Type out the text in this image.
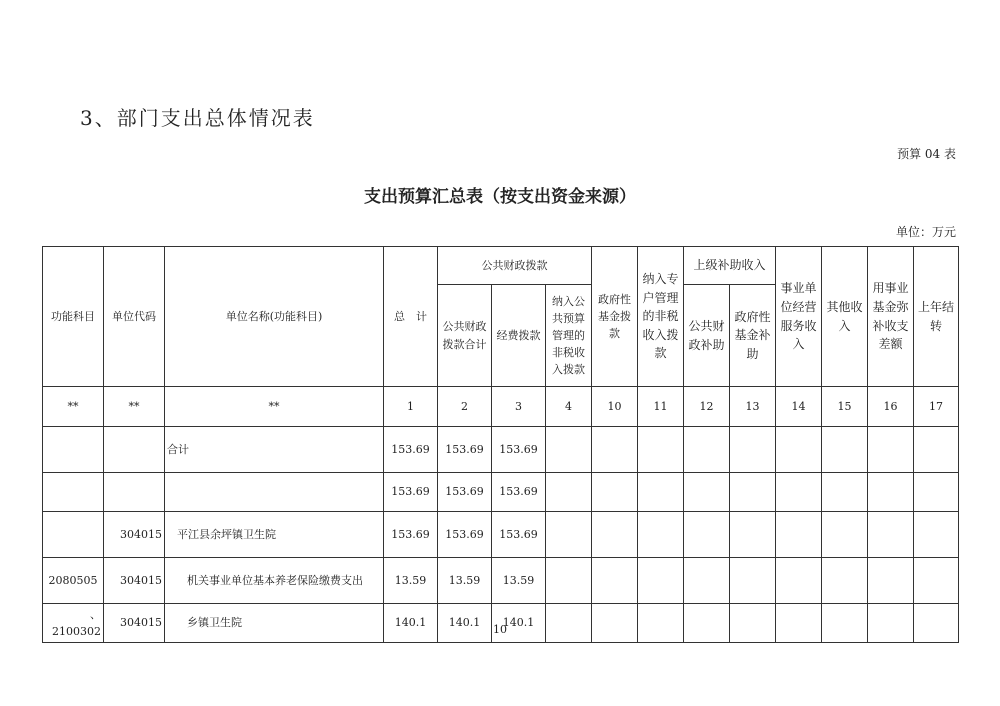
3、部门支出总体情况表
预算 04 表
支出预算汇总表（按支出资金来源）
单位：万元
功能科目	单位代码	单位名称(功能科目)	总　计	公共财政拨款			政府性基金拨款	纳入专户管理的非税收入拨款	上级补助收入		事业单位经营服务收入	其他收入	用事业基金弥补收支差额	上年结转
				公共财政拨款合计	经费拨款	纳入公共预算管理的非税收入拨款			公共财政补助	政府性基金补助				
**	**	**	1	2	3	4	10	11	12	13	14	15	16	17
		合计	153.69	153.69	153.69									
			153.69	153.69	153.69									
	304015	平江县余坪镇卫生院	153.69	153.69	153.69									
2080505	304015	机关事业单位基本养老保险缴费支出	13.59	13.59	13.59									
、2100302	304015	乡镇卫生院	140.1	140.1	140.1									
10
